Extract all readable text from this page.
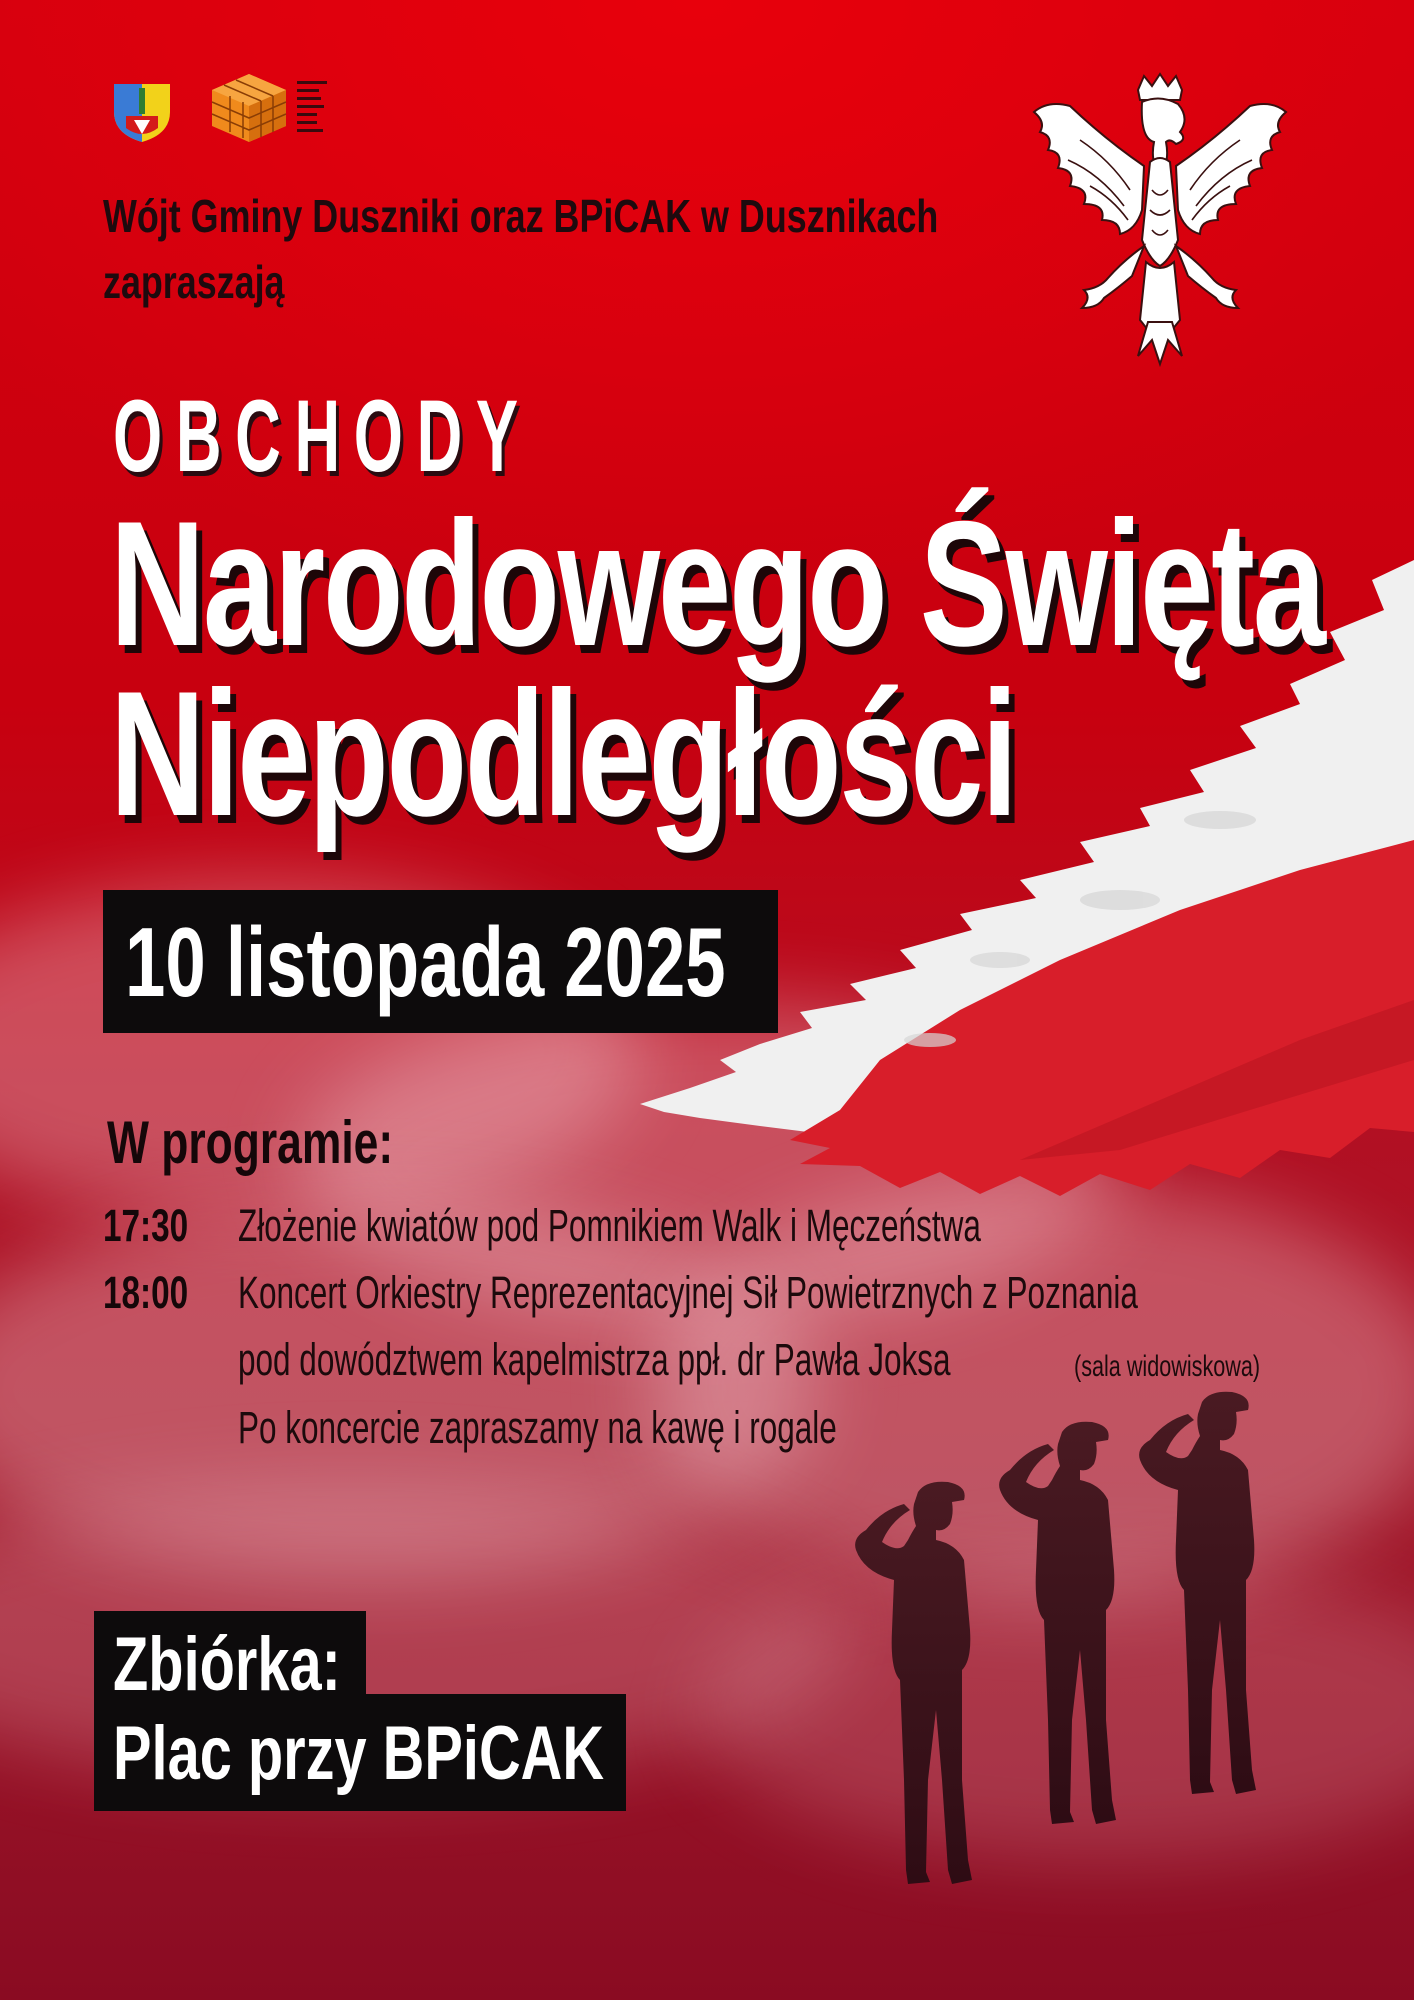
Wójt Gminy Duszniki oraz BPiCAK w Dusznikach
zapraszają
OBCHODY
Narodowego Święta
Niepodległości
10 listopada 2025
W programie:
17:30	Złożenie kwiatów pod Pomnikiem Walk i Męczeństwa
18:00	Koncert Orkiestry Reprezentacyjnej Sił Powietrznych z Poznania
pod dowództwem kapelmistrza ppł. dr Pawła Joksa	(sala widowiskowa)
Po koncercie zapraszamy na kawę i rogale
Zbiórka:
Plac przy BPiCAK
